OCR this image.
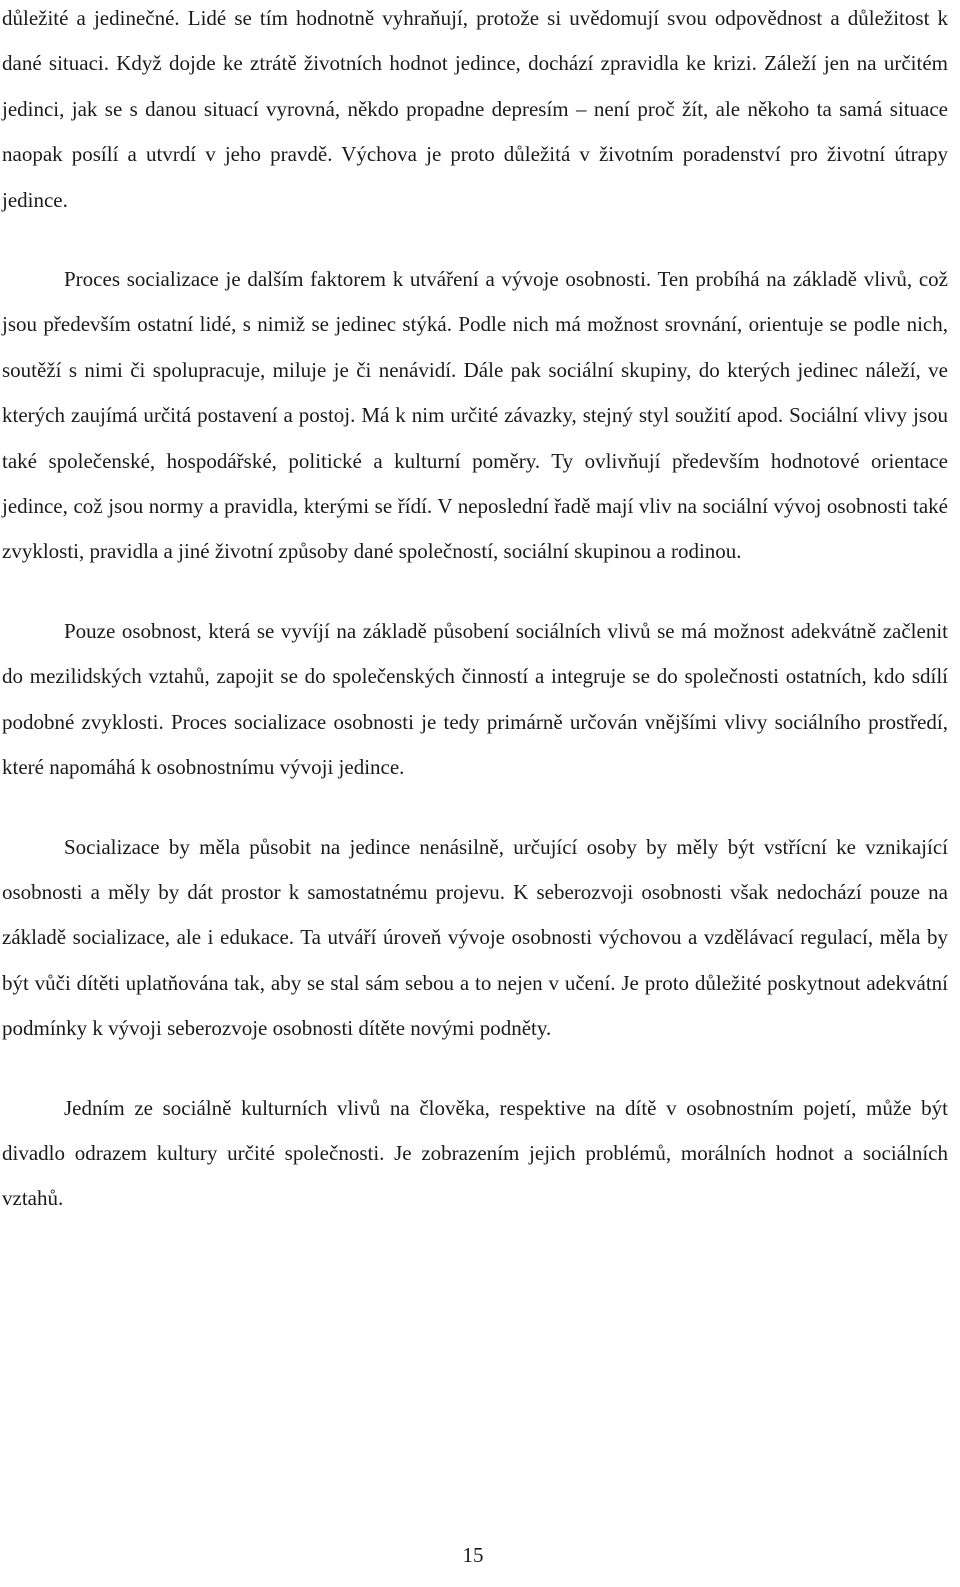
důležité a jedinečné. Lidé se tím hodnotně vyhraňují, protože si uvědomují svou odpovědnost a důležitost k dané situaci. Když dojde ke ztrátě životních hodnot jedince, dochází zpravidla ke krizi. Záleží jen na určitém jedinci, jak se s danou situací vyrovná, někdo propadne depresím – není proč žít, ale někoho ta samá situace naopak posílí a utvrdí v jeho pravdě. Výchova je proto důležitá v životním poradenství pro životní útrapy jedince.

Proces socializace je dalším faktorem k utváření a vývoje osobnosti. Ten probíhá na základě vlivů, což jsou především ostatní lidé, s nimiž se jedinec stýká. Podle nich má možnost srovnání, orientuje se podle nich, soutěží s nimi či spolupracuje, miluje je či nenávidí. Dále pak sociální skupiny, do kterých jedinec náleží, ve kterých zaujímá určitá postavení a postoj. Má k nim určité závazky, stejný styl soužití apod. Sociální vlivy jsou také společenské, hospodářské, politické a kulturní poměry. Ty ovlivňují především hodnotové orientace jedince, což jsou normy a pravidla, kterými se řídí. V neposlední řadě mají vliv na sociální vývoj osobnosti také zvyklosti, pravidla a jiné životní způsoby dané společností, sociální skupinou a rodinou.

Pouze osobnost, která se vyvíjí na základě působení sociálních vlivů se má možnost adekvátně začlenit do mezilidských vztahů, zapojit se do společenských činností a integruje se do společnosti ostatních, kdo sdílí podobné zvyklosti. Proces socializace osobnosti je tedy primárně určován vnějšími vlivy sociálního prostředí, které napomáhá k osobnostnímu vývoji jedince.

Socializace by měla působit na jedince nenásilně, určující osoby by měly být vstřícní ke vznikající osobnosti a měly by dát prostor k samostatnému projevu. K seberozvoji osobnosti však nedochází pouze na základě socializace, ale i edukace. Ta utváří úroveň vývoje osobnosti výchovou a vzdělávací regulací, měla by být vůči dítěti uplatňována tak, aby se stal sám sebou a to nejen v učení. Je proto důležité poskytnout adekvátní podmínky k vývoji seberozvoje osobnosti dítěte novými podněty.

Jedním ze sociálně kulturních vlivů na člověka, respektive na dítě v osobnostním pojetí, může být divadlo odrazem kultury určité společnosti. Je zobrazením jejich problémů, morálních hodnot a sociálních vztahů.

15
